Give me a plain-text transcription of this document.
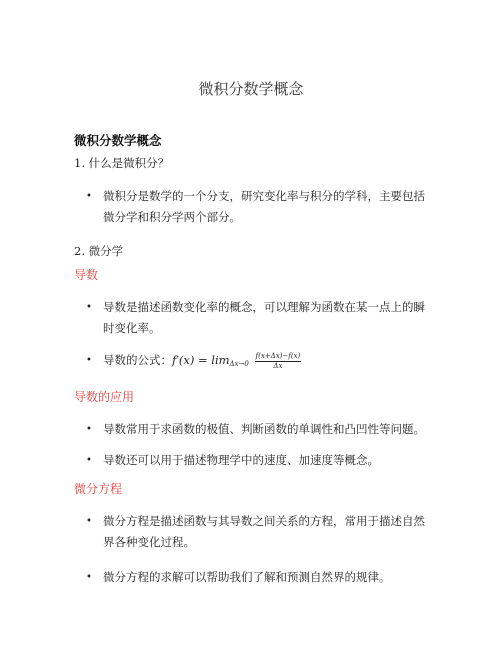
微积分数学概念
微积分数学概念
1. 什么是微积分？
• 微积分是数学的一个分支，研究变化率与积分的学科，主要包括
微分学和积分学两个部分。
2. 微分学
导数
• 导数是描述函数变化率的概念，可以理解为函数在某一点上的瞬
时变化率。
• 导数的公式：$f'(x) = \lim_{\Delta x\to 0} \frac{f(x+\Delta x)-f(x)}{\Delta x}$
导数的应用
• 导数常用于求函数的极值、判断函数的单调性和凸凹性等问题。
• 导数还可以用于描述物理学中的速度、加速度等概念。
微分方程
• 微分方程是描述函数与其导数之间关系的方程，常用于描述自然
界各种变化过程。
• 微分方程的求解可以帮助我们了解和预测自然界的规律。
